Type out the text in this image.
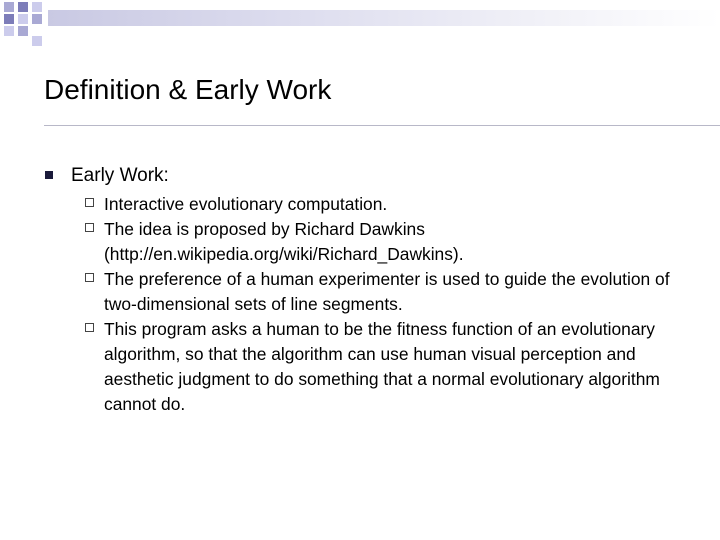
Definition & Early Work
Early Work:
Interactive evolutionary computation.
The idea is proposed by Richard Dawkins (http://en.wikipedia.org/wiki/Richard_Dawkins).
The preference of a human experimenter is used to guide the evolution of two-dimensional sets of line segments.
This program asks a human to be the fitness function of an evolutionary algorithm, so that the algorithm can use human visual perception and aesthetic judgment to do something that a normal evolutionary algorithm cannot do.
